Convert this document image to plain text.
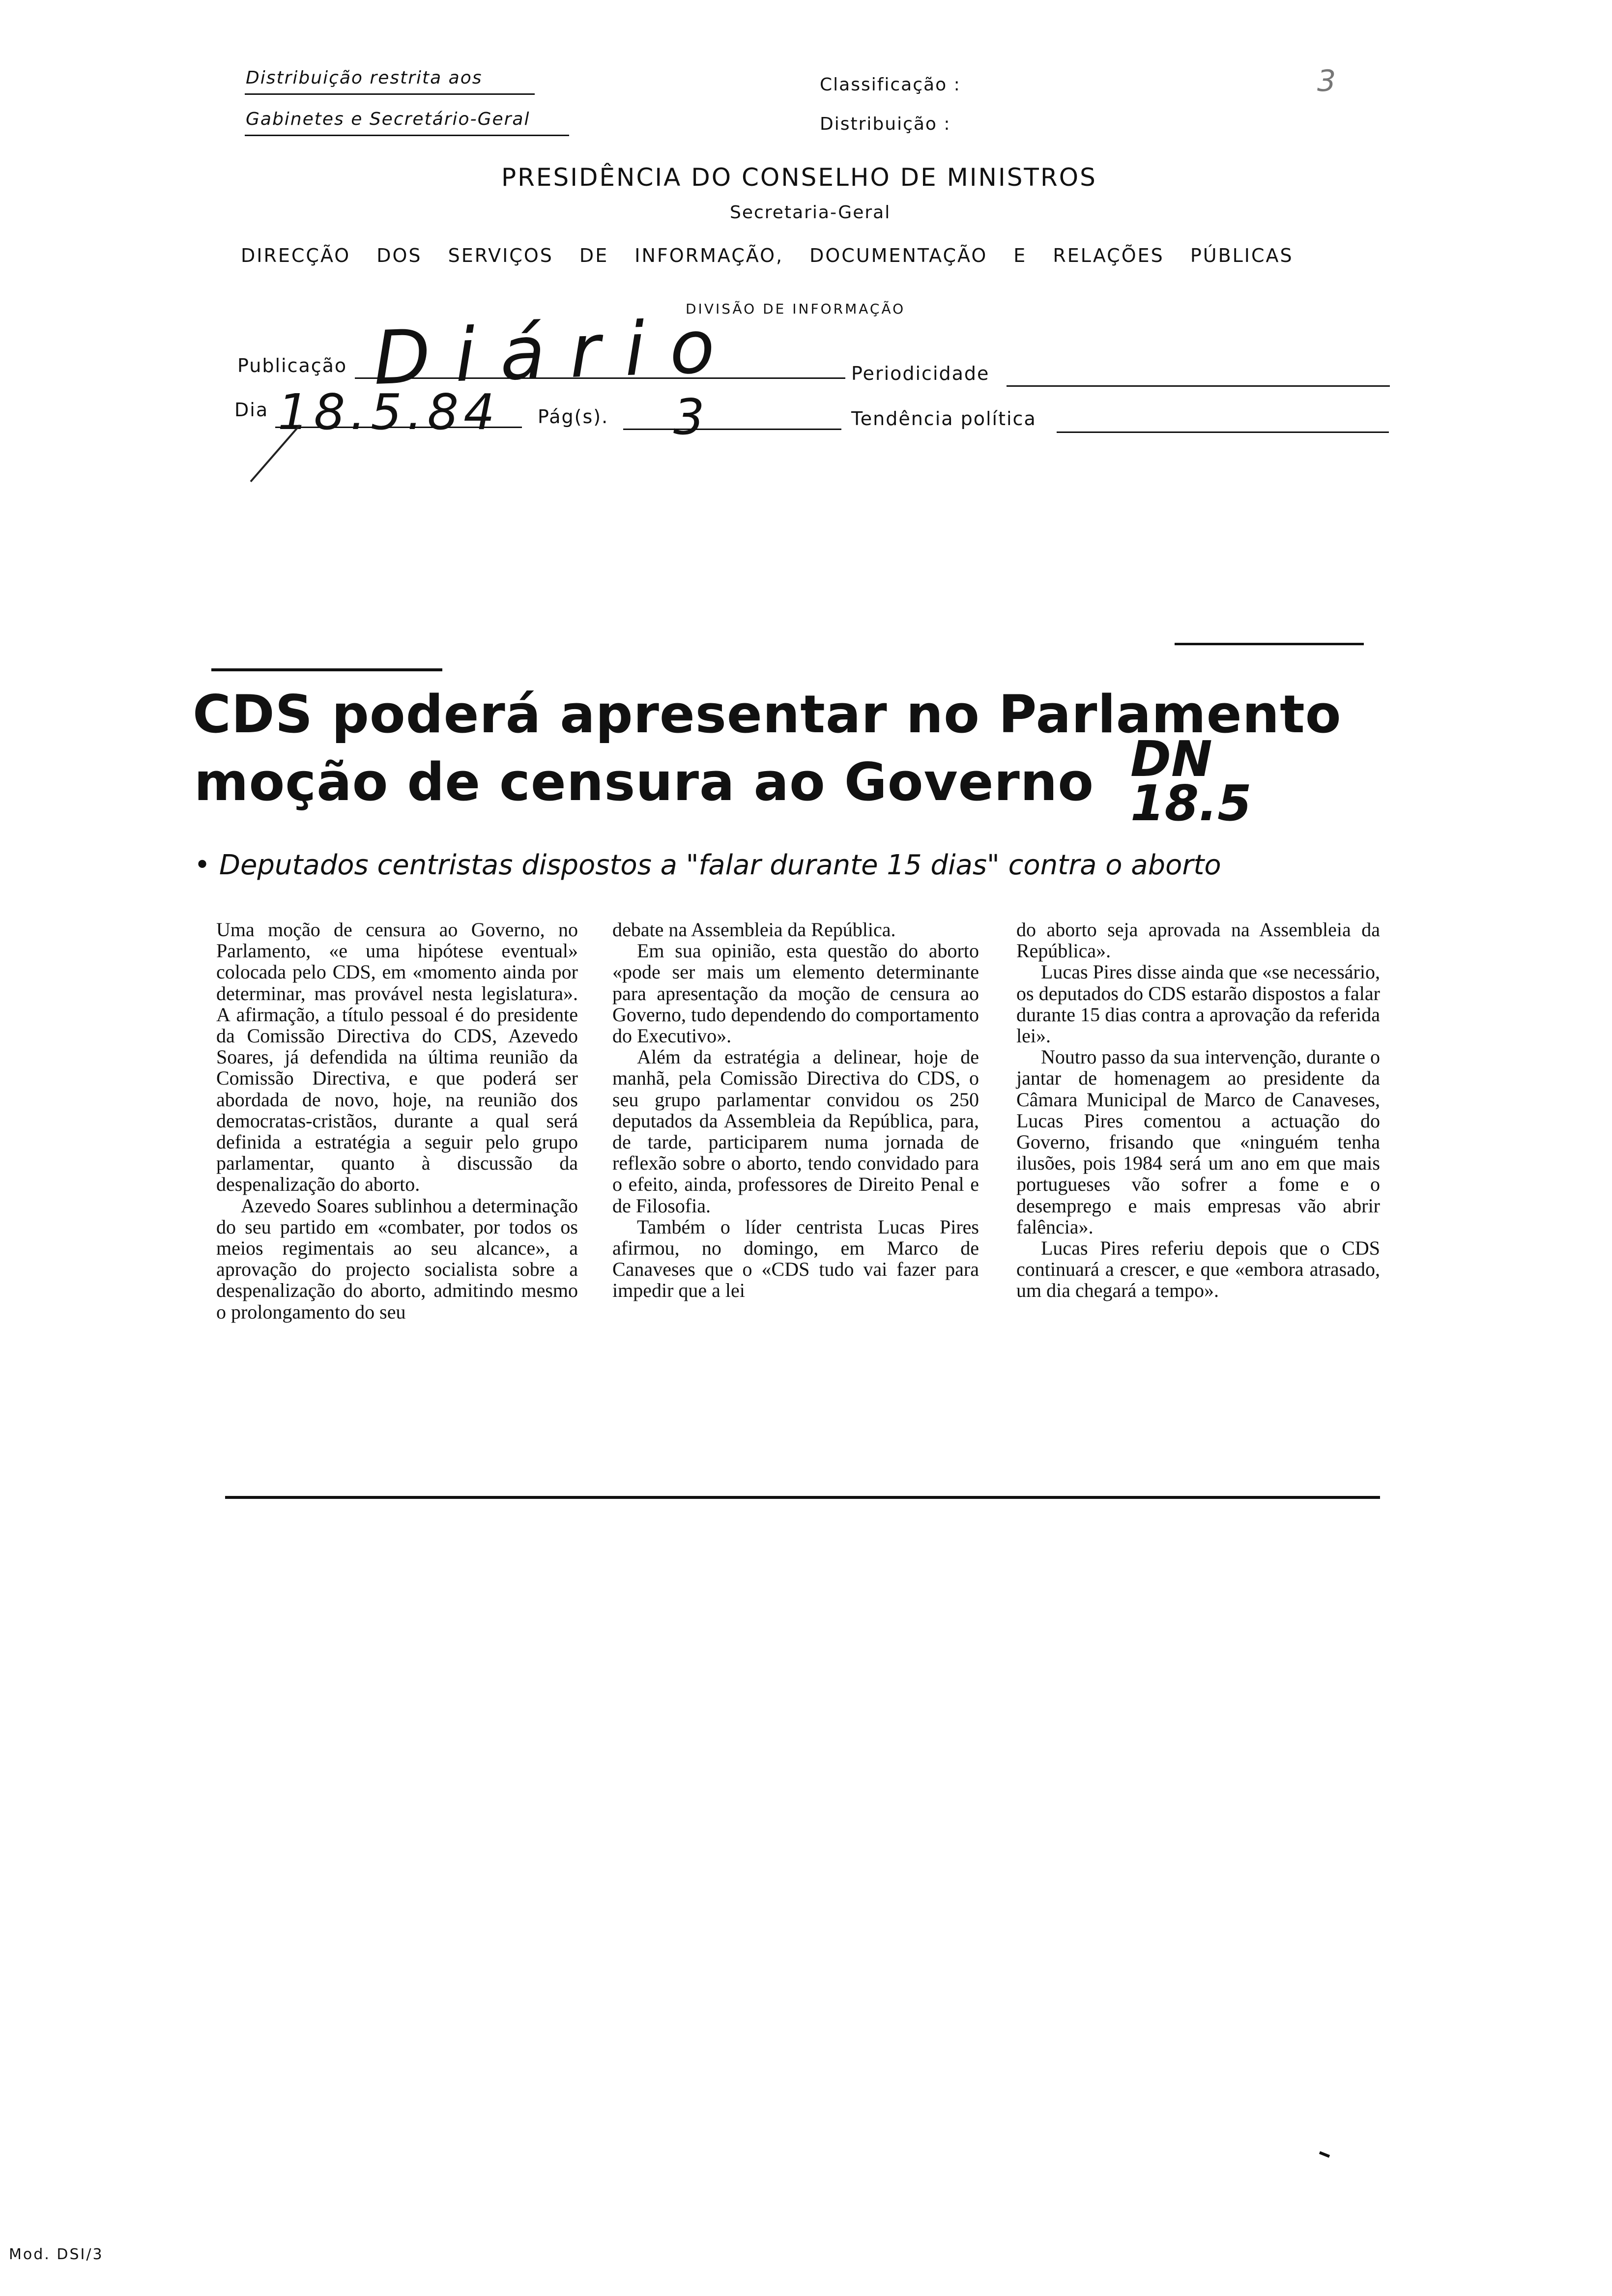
Distribuição restrita aos
Gabinetes e Secretário-Geral
Classificação :
Distribuição :
PRESIDÊNCIA DO CONSELHO DE MINISTROS
Secretaria-Geral
DIRECÇÃO DOS SERVIÇOS DE INFORMAÇÃO, DOCUMENTAÇÃO E RELAÇÕES PÚBLICAS
DIVISÃO DE INFORMAÇÃO
Publicação Diário	Periodicidade
Dia 18.5.84 Pág(s). 3	Tendência política
3
CDS poderá apresentar no Parlamento
moção de censura ao Governo DN 18.5
• Deputados centristas dispostos a "falar durante 15 dias" contra o aborto

Uma moção de censura ao Governo, no Parlamento, «e uma hipótese eventual» colocada pelo CDS, em «momento ainda por determinar, mas provável nesta legislatura». A afirmação, a título pessoal é do presidente da Comissão Directiva do CDS, Azevedo Soares, já defendida na última reunião da Comissão Directiva, e que poderá ser abordada de novo, hoje, na reunião dos democratas-cristãos, durante a qual será definida a estratégia a seguir pelo grupo parlamentar, quanto à discussão da despenalização do aborto.

Azevedo Soares sublinhou a determinação do seu partido em «combater, por todos os meios regimentais ao seu alcance», a aprovação do projecto socialista sobre a despenalização do aborto, admitindo mesmo o prolongamento do seu

debate na Assembleia da República.

Em sua opinião, esta questão do aborto «pode ser mais um elemento determinante para apresentação da moção de censura ao Governo, tudo dependendo do comportamento do Executivo».

Além da estratégia a delinear, hoje de manhã, pela Comissão Directiva do CDS, o seu grupo parlamentar convidou os 250 deputados da Assembleia da República, para, de tarde, participarem numa jornada de reflexão sobre o aborto, tendo convidado para o efeito, ainda, professores de Direito Penal e de Filosofia.

Também o líder centrista Lucas Pires afirmou, no domingo, em Marco de Canaveses que o «CDS tudo vai fazer para impedir que a lei

do aborto seja aprovada na Assembleia da República».

Lucas Pires disse ainda que «se necessário, os deputados do CDS estarão dispostos a falar durante 15 dias contra a aprovação da referida lei».

Noutro passo da sua intervenção, durante o jantar de homenagem ao presidente da Câmara Municipal de Marco de Canaveses, Lucas Pires comentou a actuação do Governo, frisando que «ninguém tenha ilusões, pois 1984 será um ano em que mais portugueses vão sofrer a fome e o desemprego e mais empresas vão abrir falência».

Lucas Pires referiu depois que o CDS continuará a crescer, e que «embora atrasado, um dia chegará a tempo».

Mod. DSI/3
